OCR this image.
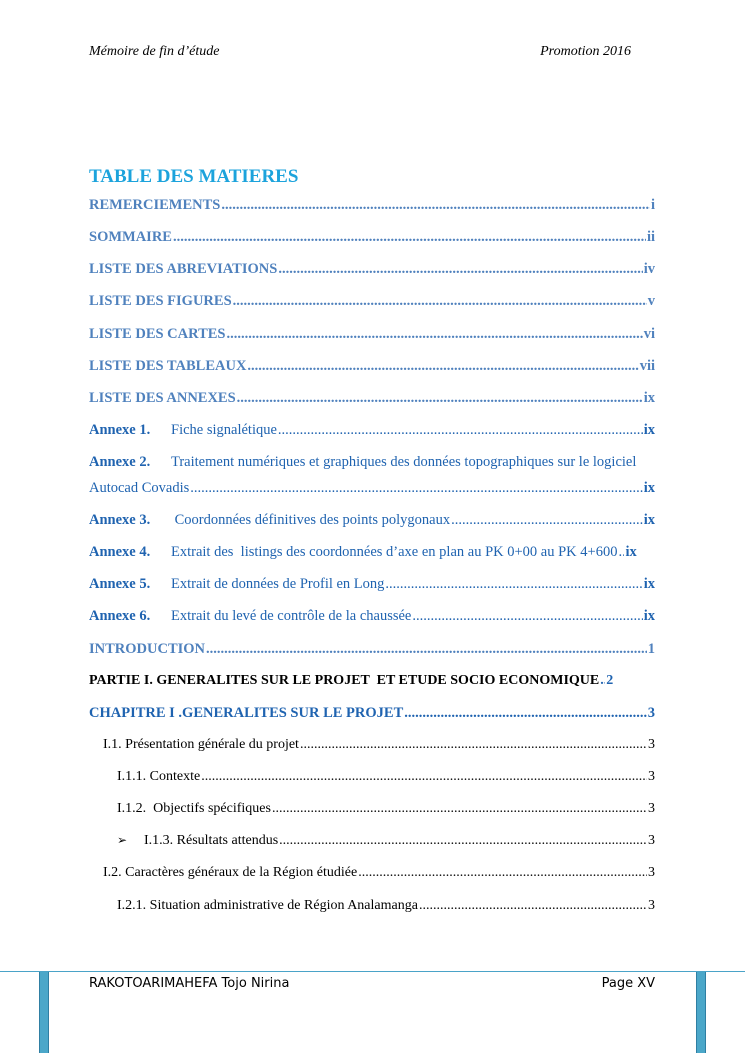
Mémoire de fin d’étude	Promotion 2016
TABLE DES MATIERES
REMERCIEMENTS .....	i
SOMMAIRE .....	ii
LISTE DES ABREVIATIONS .....	iv
LISTE DES FIGURES .....	v
LISTE DES CARTES .....	vi
LISTE DES TABLEAUX .....	vii
LISTE DES ANNEXES .....	ix
Annexe 1.	Fiche signalétique .....	ix
Annexe 2.	Traitement numériques et graphiques des données topographiques sur le logiciel
Autocad Covadis .....	ix
Annexe 3.	Coordonnées définitives des points polygonaux .....	ix
Annexe 4.	Extrait des  listings des coordonnées d’axe en plan au PK 0+00 au PK 4+600 ..... ix
Annexe 5.	Extrait de données de Profil en Long .....	ix
Annexe 6.	Extrait du levé de contrôle de la chaussée .....	ix
INTRODUCTION .....	1
PARTIE I. GENERALITES SUR LE PROJET  ET ETUDE SOCIO ECONOMIQUE ..... 2
CHAPITRE I .GENERALITES SUR LE PROJET .....	3
I.1. Présentation générale du projet .....	3
I.1.1. Contexte .....	3
I.1.2.  Objectifs spécifiques .....	3
➢	I.1.3. Résultats attendus .....	3
I.2. Caractères généraux de la Région étudiée .....	3
I.2.1. Situation administrative de Région Analamanga .....	3
RAKOTOARIMAHEFA Tojo Nirina	Page XV
